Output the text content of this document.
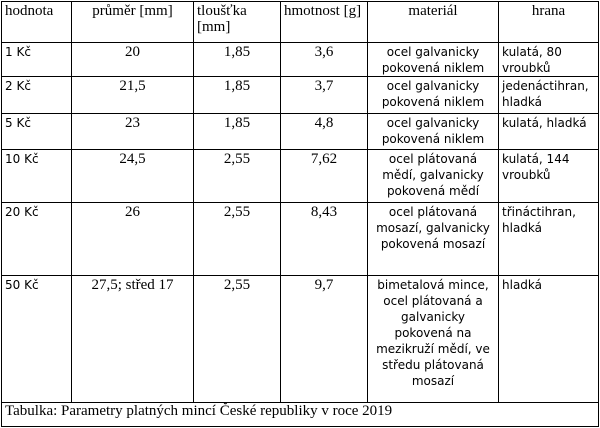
hodnota	průměr [mm]	tloušťka [mm]	hmotnost [g]	materiál	hrana
1 Kč	20	1,85	3,6	ocel galvanicky pokovená niklem	kulatá, 80 vroubků
2 Kč	21,5	1,85	3,7	ocel galvanicky pokovená niklem	jedenáctihran, hladká
5 Kč	23	1,85	4,8	ocel galvanicky pokovená niklem	kulatá, hladká
10 Kč	24,5	2,55	7,62	ocel plátovaná mědí, galvanicky pokovená mědí	kulatá, 144 vroubků
20 Kč	26	2,55	8,43	ocel plátovaná mosazí, galvanicky pokovená mosazí	třináctihran, hladká
50 Kč	27,5; střed 17	2,55	9,7	bimetalová mince, ocel plátovaná a galvanicky pokovená na mezikruží mědí, ve středu plátovaná mosazí	hladká
Tabulka: Parametry platných mincí České republiky v roce 2019					
